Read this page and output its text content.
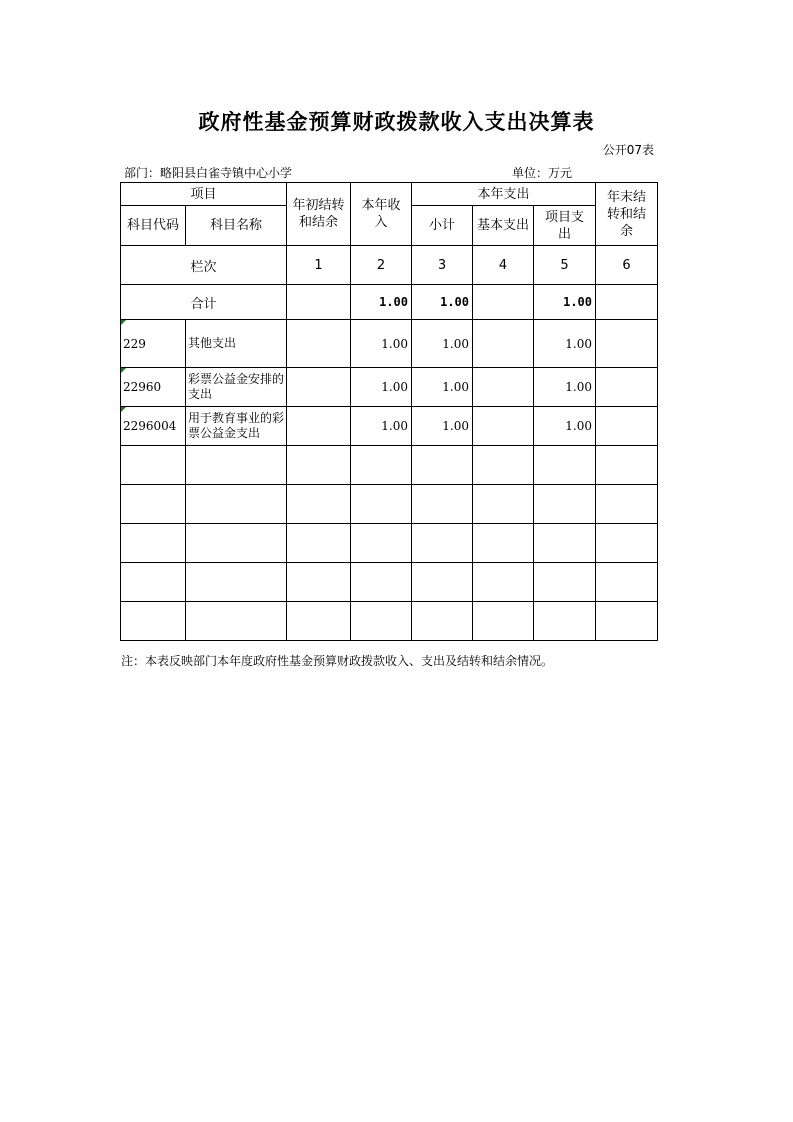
政府性基金预算财政拨款收入支出决算表
公开07表
部门：略阳县白雀寺镇中心小学	单位：万元
项目		年初结转和结余	本年收入	本年支出			年末结转和结余

科目代码	科目名称			小计	基本支出	项目支出	

栏次		1	2	3	4	5	6
合计			1.00	1.00		1.00	

229	其他支出		1.00	1.00		1.00	

22960	彩票公益金安排的支出		1.00	1.00		1.00	

2296004	用于教育事业的彩票公益金支出		1.00	1.00		1.00	

注：本表反映部门本年度政府性基金预算财政拨款收入、支出及结转和结余情况。
